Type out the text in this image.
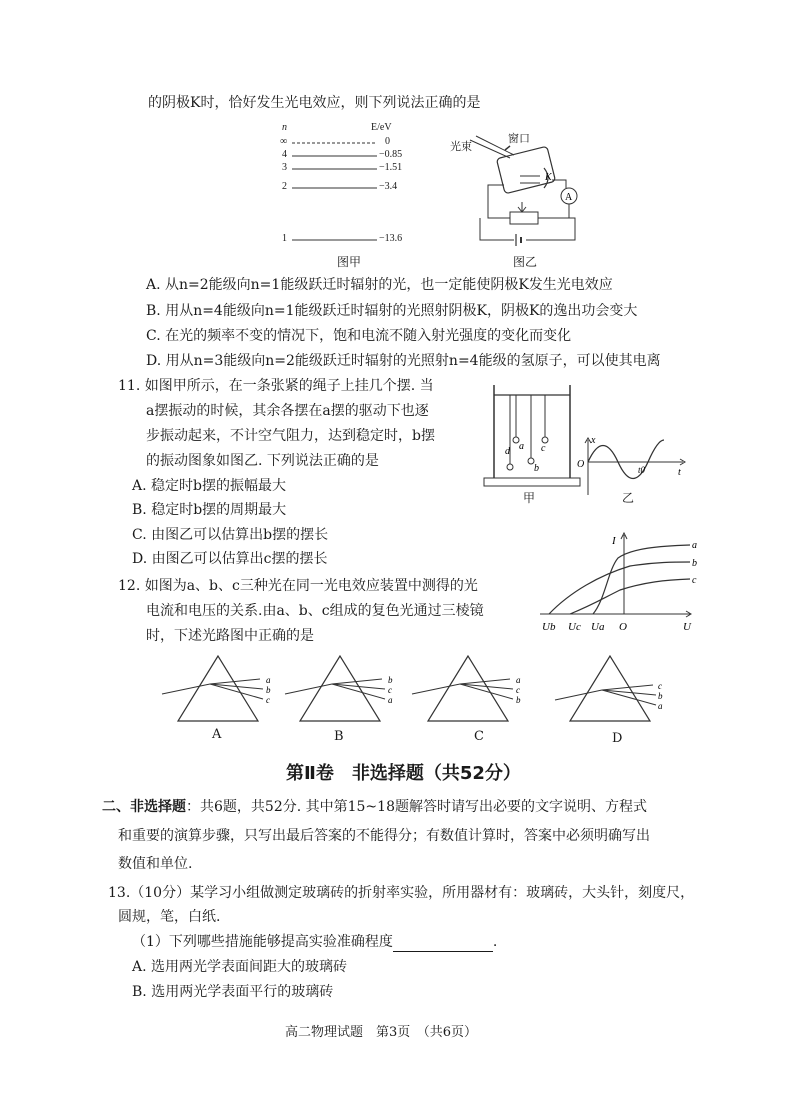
的阴极K时，恰好发生光电效应，则下列说法正确的是
n	E/eV
∞	0
4	−0.85
3	−1.51
2	−3.4
1	−13.6
图甲
光束
窗口
K
A
图乙
A. 从n=2能级向n=1能级跃迁时辐射的光，也一定能使阴极K发生光电效应
B. 用从n=4能级向n=1能级跃迁时辐射的光照射阴极K，阴极K的逸出功会变大
C. 在光的频率不变的情况下，饱和电流不随入射光强度的变化而变化
D. 用从n=3能级向n=2能级跃迁时辐射的光照射n=4能级的氢原子，可以使其电离
11. 如图甲所示，在一条张紧的绳子上挂几个摆. 当
a摆振动的时候，其余各摆在a摆的驱动下也逐
步振动起来，不计空气阻力，达到稳定时，b摆
的振动图象如图乙. 下列说法正确的是
A. 稳定时b摆的振幅最大
B. 稳定时b摆的周期最大
C. 由图乙可以估算出b摆的摆长
D. 由图乙可以估算出c摆的摆长
d a
b
c
甲
x
t
O	t0
乙
12. 如图为a、b、c三种光在同一光电效应装置中测得的光
电流和电压的关系.由a、b、c组成的复色光通过三棱镜
时，下述光路图中正确的是
a
b
c
I
U
O
Ub Uc Ua
a
b
c
b
c
a
a
c
b
c
b
a
A	B	C	D
第Ⅱ卷　非选择题（共52分）
二、非选择题：共6题，共52分. 其中第15~18题解答时请写出必要的文字说明、方程式
和重要的演算步骤，只写出最后答案的不能得分；有数值计算时，答案中必须明确写出
数值和单位.
13.（10分）某学习小组做测定玻璃砖的折射率实验，所用器材有：玻璃砖，大头针，刻度尺，
圆规，笔，白纸.
（1）下列哪些措施能够提高实验准确程度	.
A. 选用两光学表面间距大的玻璃砖
B. 选用两光学表面平行的玻璃砖
高二物理试题　第3页　（共6页）
